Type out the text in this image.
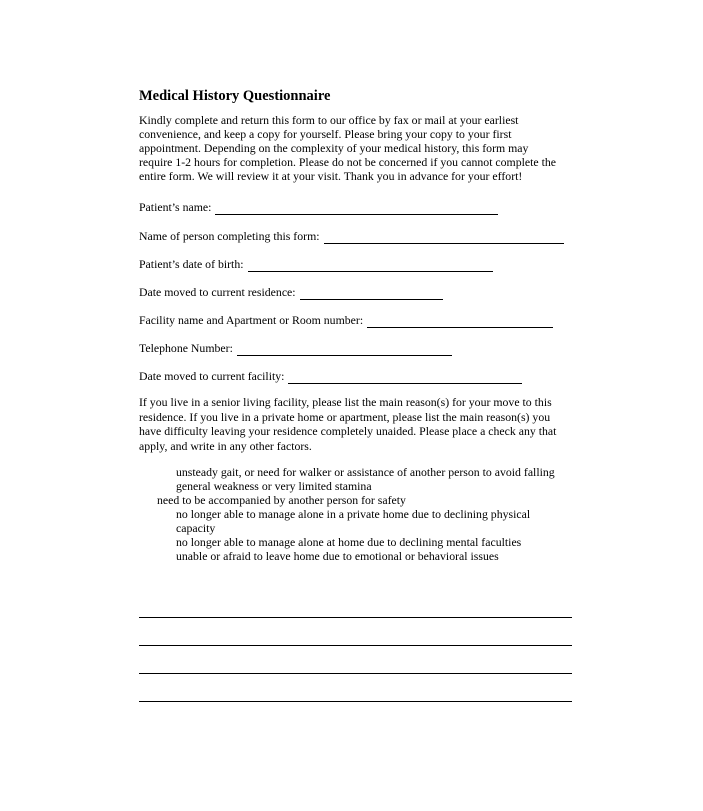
Medical History Questionnaire
Kindly complete and return this form to our office by fax or mail at your earliest
convenience, and keep a copy for yourself. Please bring your copy to your first
appointment. Depending on the complexity of your medical history, this form may
require 1-2 hours for completion. Please do not be concerned if you cannot complete the
entire form. We will review it at your visit. Thank you in advance for your effort!
Patient’s name:
Name of person completing this form:
Patient’s date of birth:
Date moved to current residence:
Facility name and Apartment or Room number:
Telephone Number:
Date moved to current facility:
If you live in a senior living facility, please list the main reason(s) for your move to this
residence. If you live in a private home or apartment, please list the main reason(s) you
have difficulty leaving your residence completely unaided. Please place a check any that
apply, and write in any other factors.
unsteady gait, or need for walker or assistance of another person to avoid falling
general weakness or very limited stamina
need to be accompanied by another person for safety
no longer able to manage alone in a private home due to declining physical
capacity
no longer able to manage alone at home due to declining mental faculties
unable or afraid to leave home due to emotional or behavioral issues
